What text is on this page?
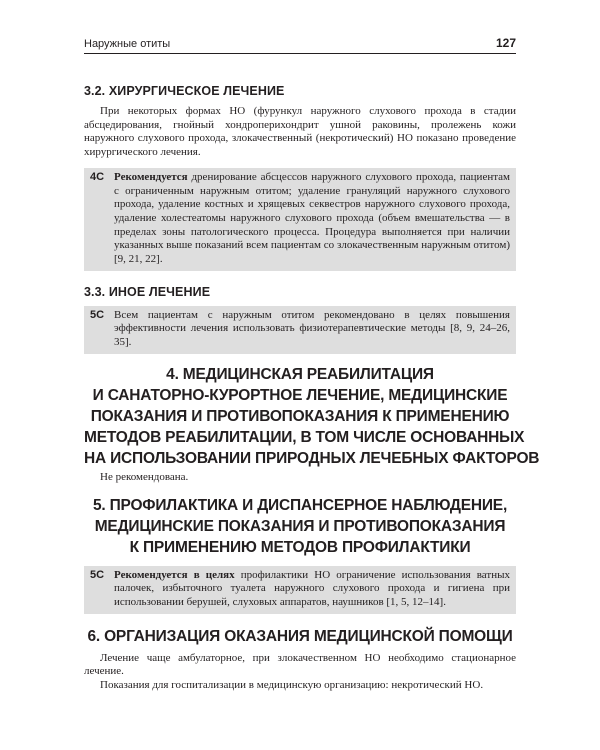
Наружные отиты	127
3.2. ХИРУРГИЧЕСКОЕ ЛЕЧЕНИЕ

При некоторых формах НО (фурункул наружного слухового прохода в стадии абсцедирования, гнойный хондроперихондрит ушной раковины, пролежень кожи наружного слухового прохода, злокачественный (некротический) НО показано проведение хирургического лечения.

4С Рекомендуется дренирование абсцессов наружного слухового прохода, пациентам с ограниченным наружным отитом; удаление грануляций наружного слухового прохода, удаление костных и хрящевых секвестров наружного слухового прохода, удаление холестеатомы наружного слухового прохода (объем вмешательства — в пределах зоны патологического процесса. Процедура выполняется при наличии указанных выше показаний всем пациентам со злокачественным наружным отитом) [9, 21, 22].
3.3. ИНОЕ ЛЕЧЕНИЕ
5С Всем пациентам с наружным отитом рекомендовано в целях повышения эффективности лечения использовать физиотерапевтические методы [8, 9, 24–26, 35].
4. МЕДИЦИНСКАЯ РЕАБИЛИТАЦИЯ
И САНАТОРНО-КУРОРТНОЕ ЛЕЧЕНИЕ, МЕДИЦИНСКИЕ
ПОКАЗАНИЯ И ПРОТИВОПОКАЗАНИЯ К ПРИМЕНЕНИЮ
МЕТОДОВ РЕАБИЛИТАЦИИ, В ТОМ ЧИСЛЕ ОСНОВАННЫХ
НА ИСПОЛЬЗОВАНИИ ПРИРОДНЫХ ЛЕЧЕБНЫХ ФАКТОРОВ

Не рекомендована.

5. ПРОФИЛАКТИКА И ДИСПАНСЕРНОЕ НАБЛЮДЕНИЕ,
МЕДИЦИНСКИЕ ПОКАЗАНИЯ И ПРОТИВОПОКАЗАНИЯ
К ПРИМЕНЕНИЮ МЕТОДОВ ПРОФИЛАКТИКИ
5С Рекомендуется в целях профилактики НО ограничение использования ватных палочек, избыточного туалета наружного слухового прохода и гигиена при использовании берушей, слуховых аппаратов, наушников [1, 5, 12–14].
6. ОРГАНИЗАЦИЯ ОКАЗАНИЯ МЕДИЦИНСКОЙ ПОМОЩИ

Лечение чаще амбулаторное, при злокачественном НО необходимо стационарное лечение.

Показания для госпитализации в медицинскую организацию: некротический НО.
